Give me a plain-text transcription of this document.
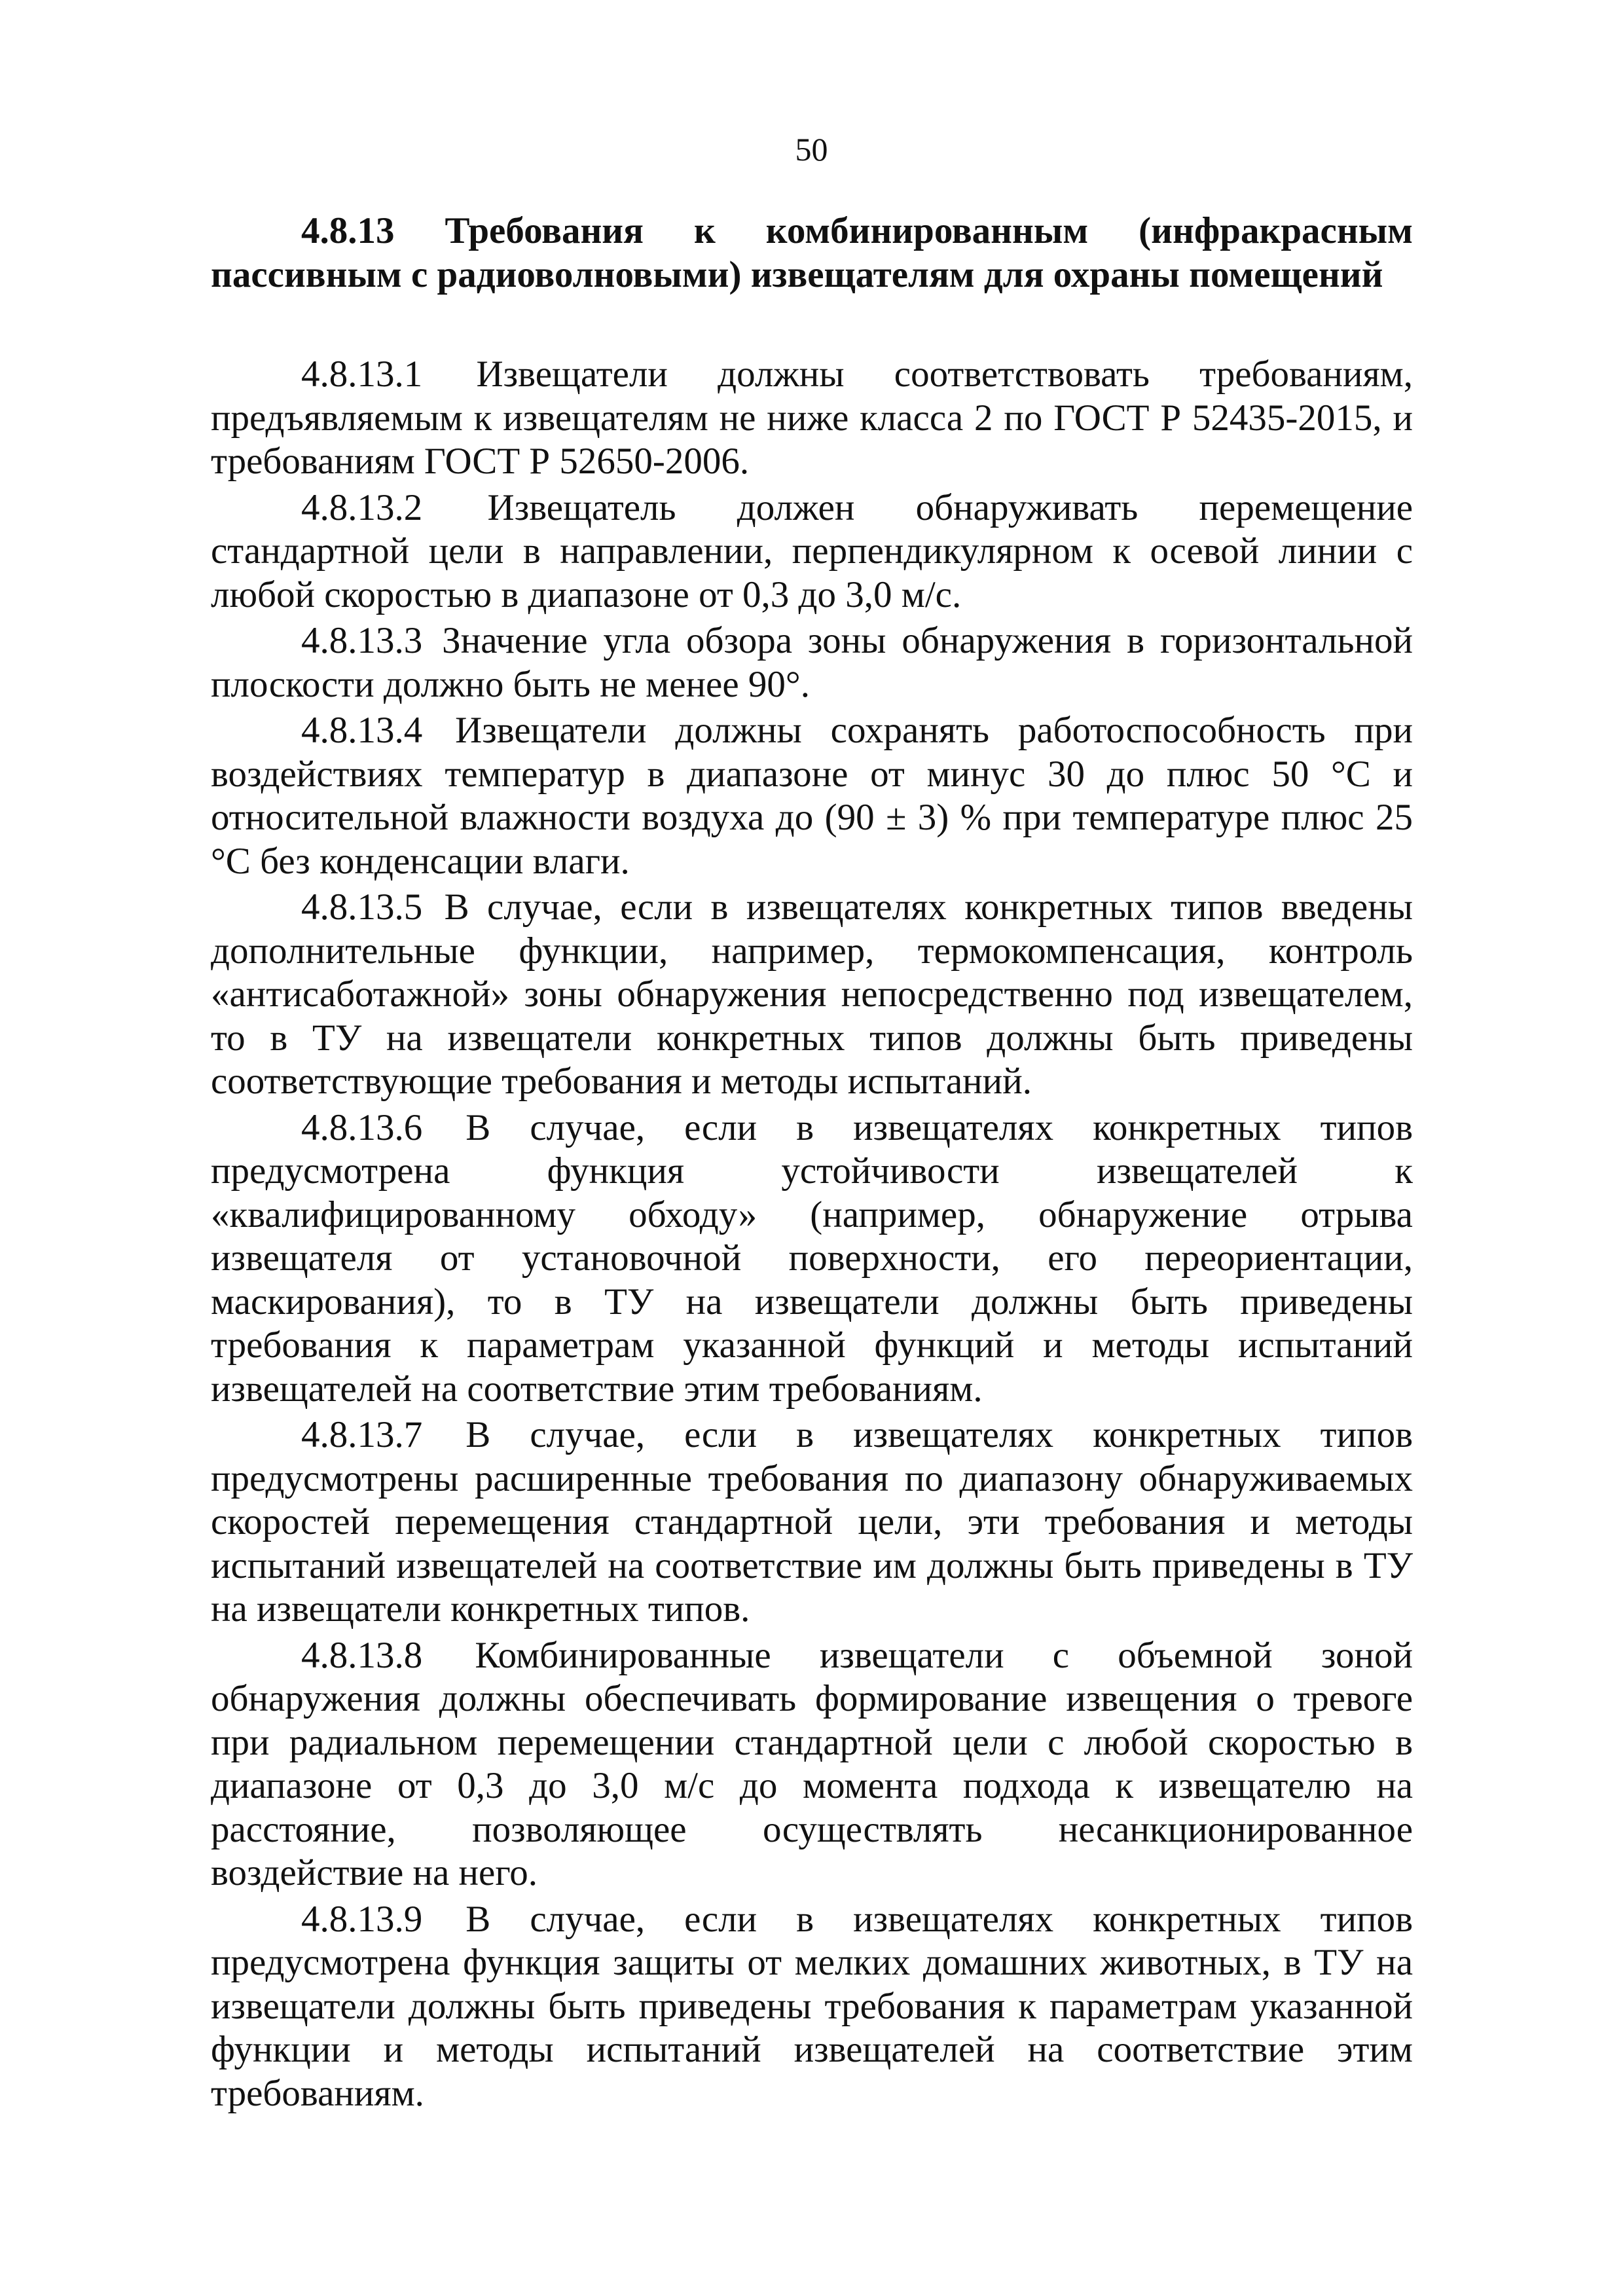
50

4.8.13 Требования к комбинированным (инфракрасным пассивным с радиоволновыми) извещателям для охраны помещений

4.8.13.1 Извещатели должны соответствовать требованиям, предъявляемым к извещателям не ниже класса 2 по ГОСТ Р 52435-2015, и требованиям ГОСТ Р 52650-2006.

4.8.13.2 Извещатель должен обнаруживать перемещение стандартной цели в направлении, перпендикулярном к осевой линии с любой скоростью в диапазоне от 0,3 до 3,0 м/с.

4.8.13.3 Значение угла обзора зоны обнаружения в горизонтальной плоскости должно быть не менее 90°.

4.8.13.4 Извещатели должны сохранять работоспособность при воздействиях температур в диапазоне от минус 30 до плюс 50 °С и относительной влажности воздуха до (90 ± 3) % при температуре плюс 25 °С без конденсации влаги.

4.8.13.5 В случае, если в извещателях конкретных типов введены дополнительные функции, например, термокомпенсация, контроль «антисаботажной» зоны обнаружения непосредственно под извещателем, то в ТУ на извещатели конкретных типов должны быть приведены соответствующие требования и методы испытаний.

4.8.13.6 В случае, если в извещателях конкретных типов предусмотрена функция устойчивости извещателей к «квалифицированному обходу» (например, обнаружение отрыва извещателя от установочной поверхности, его переориентации, маскирования), то в ТУ на извещатели должны быть приведены требования к параметрам указанной функций и методы испытаний извещателей на соответствие этим требованиям.

4.8.13.7 В случае, если в извещателях конкретных типов предусмотрены расширенные требования по диапазону обнаруживаемых скоростей перемещения стандартной цели, эти требования и методы испытаний извещателей на соответствие им должны быть приведены в ТУ на извещатели конкретных типов.

4.8.13.8 Комбинированные извещатели с объемной зоной обнаружения должны обеспечивать формирование извещения о тревоге при радиальном перемещении стандартной цели с любой скоростью в диапазоне от 0,3 до 3,0 м/с до момента подхода к извещателю на расстояние, позволяющее осуществлять несанкционированное воздействие на него.

4.8.13.9 В случае, если в извещателях конкретных типов предусмотрена функция защиты от мелких домашних животных, в ТУ на извещатели должны быть приведены требования к параметрам указанной функции и методы испытаний извещателей на соответствие этим требованиям.
